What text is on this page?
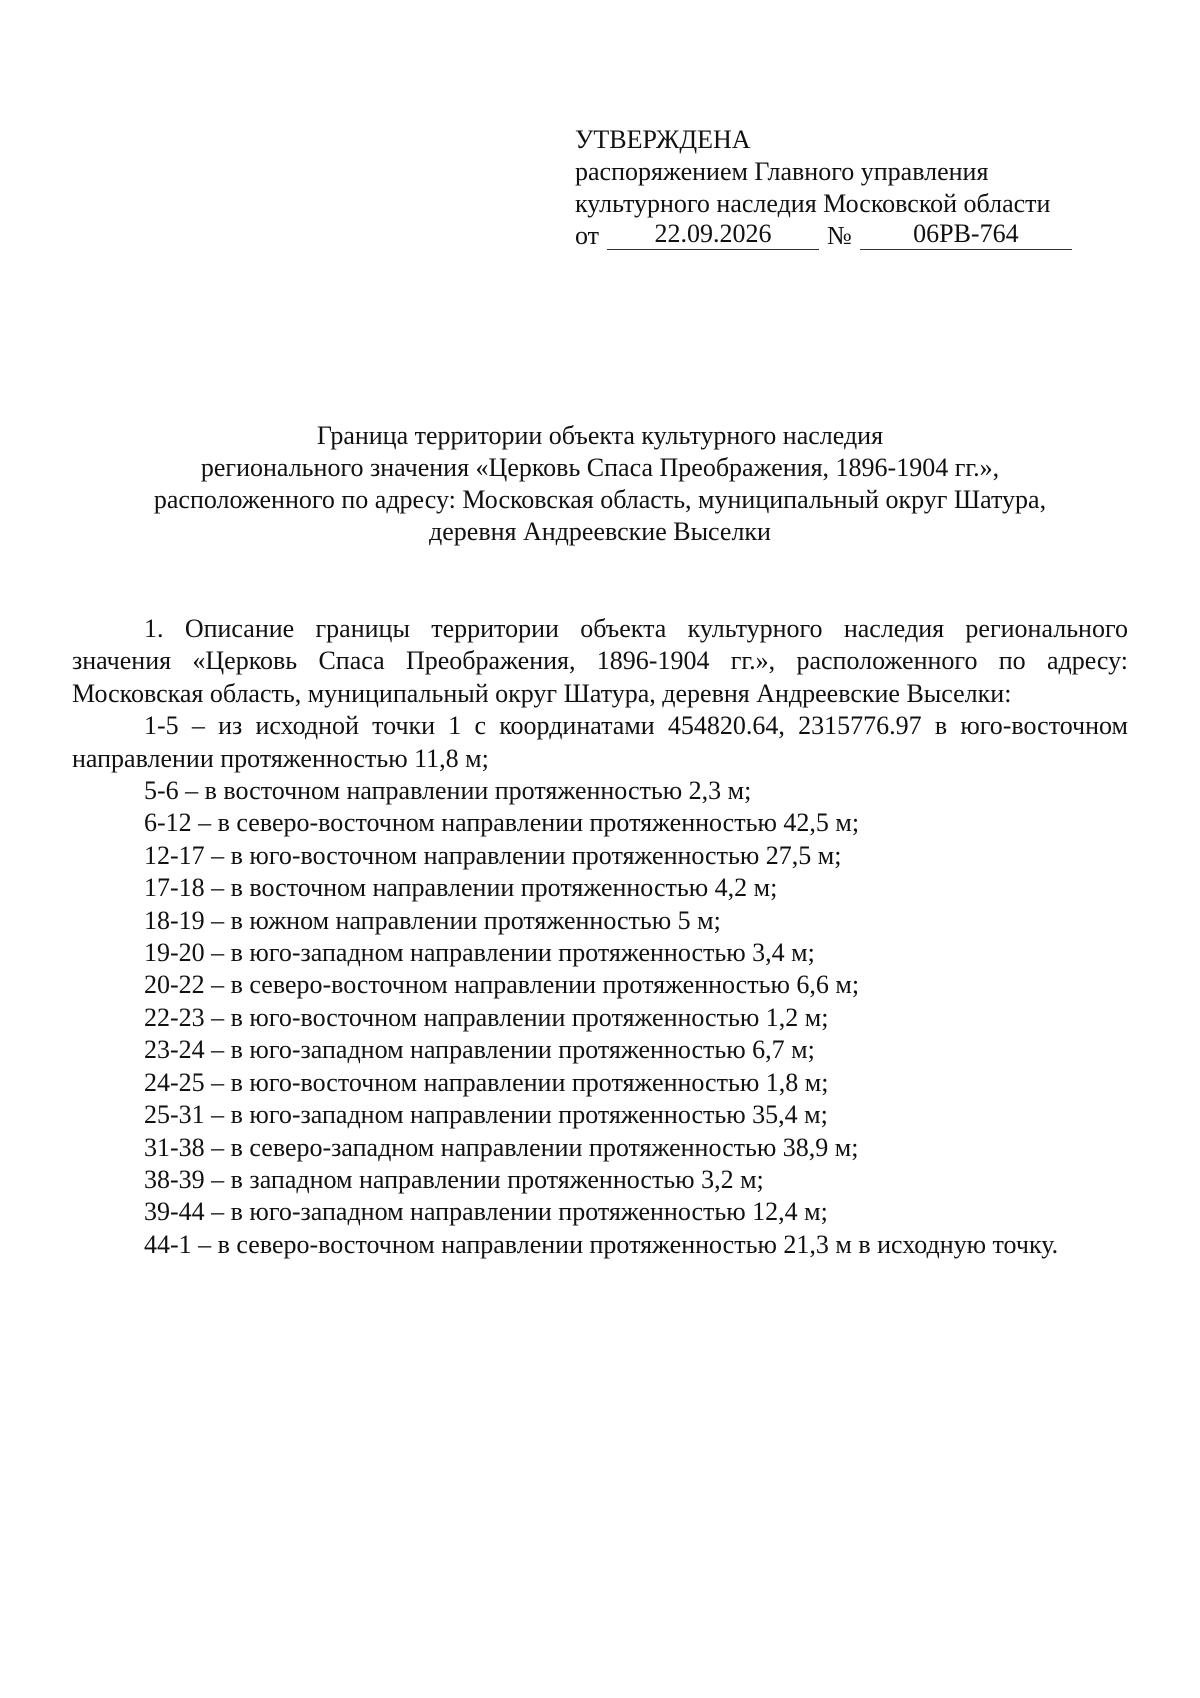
УТВЕРЖДЕНА
распоряжением Главного управления
культурного наследия Московской области
от	22.09.2026	№	06РВ-764
Граница территории объекта культурного наследия
регионального значения «Церковь Спаса Преображения, 1896-1904 гг.»,
расположенного по адресу: Московская область, муниципальный округ Шатура,
деревня Андреевские Выселки

1. Описание границы территории объекта культурного наследия регионального значения «Церковь Спаса Преображения, 1896-1904 гг.», расположенного по адресу: Московская область, муниципальный округ Шатура, деревня Андреевские Выселки:

1-5 – из исходной точки 1 с координатами 454820.64, 2315776.97 в юго-восточном направлении протяженностью 11,8 м;

5-6 – в восточном направлении протяженностью 2,3 м;

6-12 – в северо-восточном направлении протяженностью 42,5 м;

12-17 – в юго-восточном направлении протяженностью 27,5 м;

17-18 – в восточном направлении протяженностью 4,2 м;

18-19 – в южном направлении протяженностью 5 м;

19-20 – в юго-западном направлении протяженностью 3,4 м;

20-22 – в северо-восточном направлении протяженностью 6,6 м;

22-23 – в юго-восточном направлении протяженностью 1,2 м;

23-24 – в юго-западном направлении протяженностью 6,7 м;

24-25 – в юго-восточном направлении протяженностью 1,8 м;

25-31 – в юго-западном направлении протяженностью 35,4 м;

31-38 – в северо-западном направлении протяженностью 38,9 м;

38-39 – в западном направлении протяженностью 3,2 м;

39-44 – в юго-западном направлении протяженностью 12,4 м;

44-1 – в северо-восточном направлении протяженностью 21,3 м в исходную точку.
